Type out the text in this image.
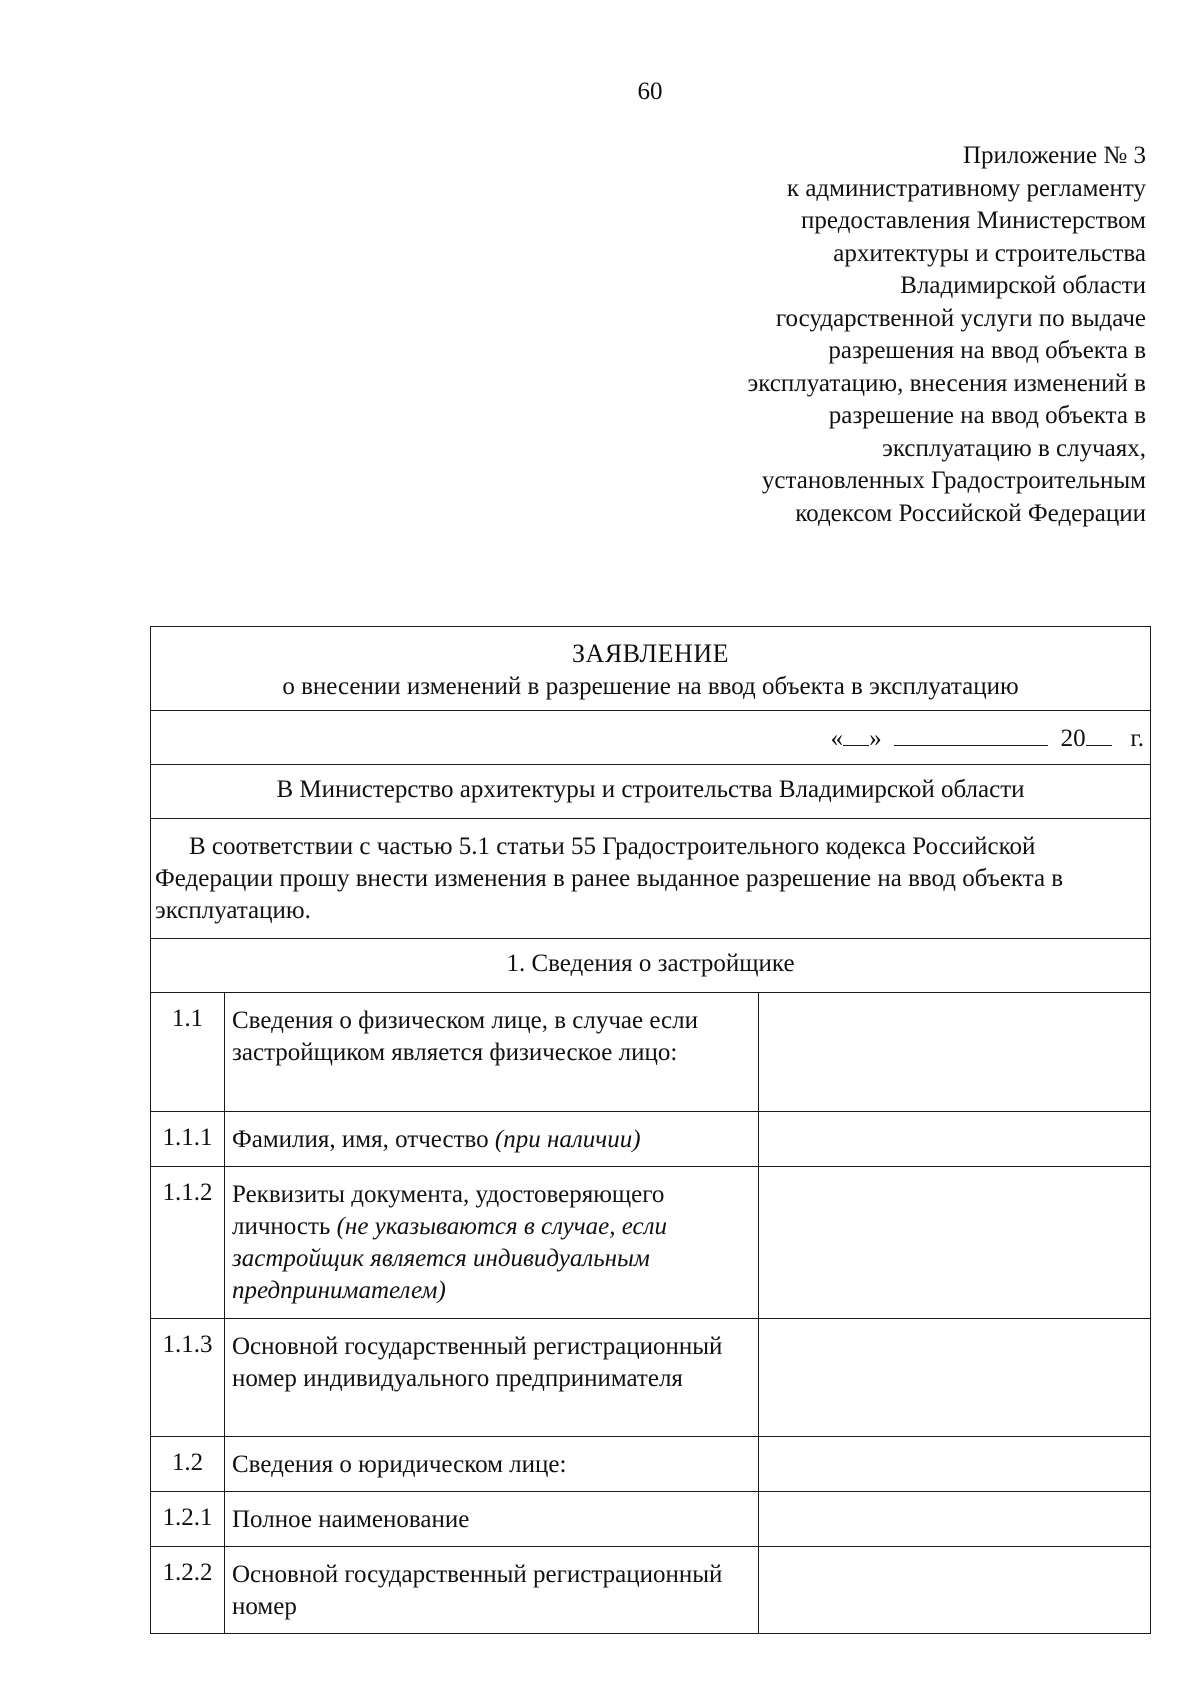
60
Приложение № 3
к административному регламенту
предоставления Министерством
архитектуры и строительства
Владимирской области
государственной услуги по выдаче
разрешения на ввод объекта в
эксплуатацию, внесения изменений в
разрешение на ввод объекта в
эксплуатацию в случаях,
установленных Градостроительным
кодексом Российской Федерации
ЗАЯВЛЕНИЕ
о внесении изменений в разрешение на ввод объекта в эксплуатацию		

« » 20 г.		
В Министерство архитектуры и строительства Владимирской области		
В соответствии с частью 5.1 статьи 55 Градостроительного кодекса Российской Федерации прошу внести изменения в ранее выданное разрешение на ввод объекта в эксплуатацию.		
1. Сведения о застройщике		
1.1	Сведения о физическом лице, в случае если застройщиком является физическое лицо:	
1.1.1	Фамилия, имя, отчество (при наличии)	
1.1.2	Реквизиты документа, удостоверяющего личность (не указываются в случае, если застройщик является индивидуальным предпринимателем)	
1.1.3	Основной государственный регистрационный номер индивидуального предпринимателя	
1.2	Сведения о юридическом лице:	
1.2.1	Полное наименование	
1.2.2	Основной государственный регистрационный номер	
